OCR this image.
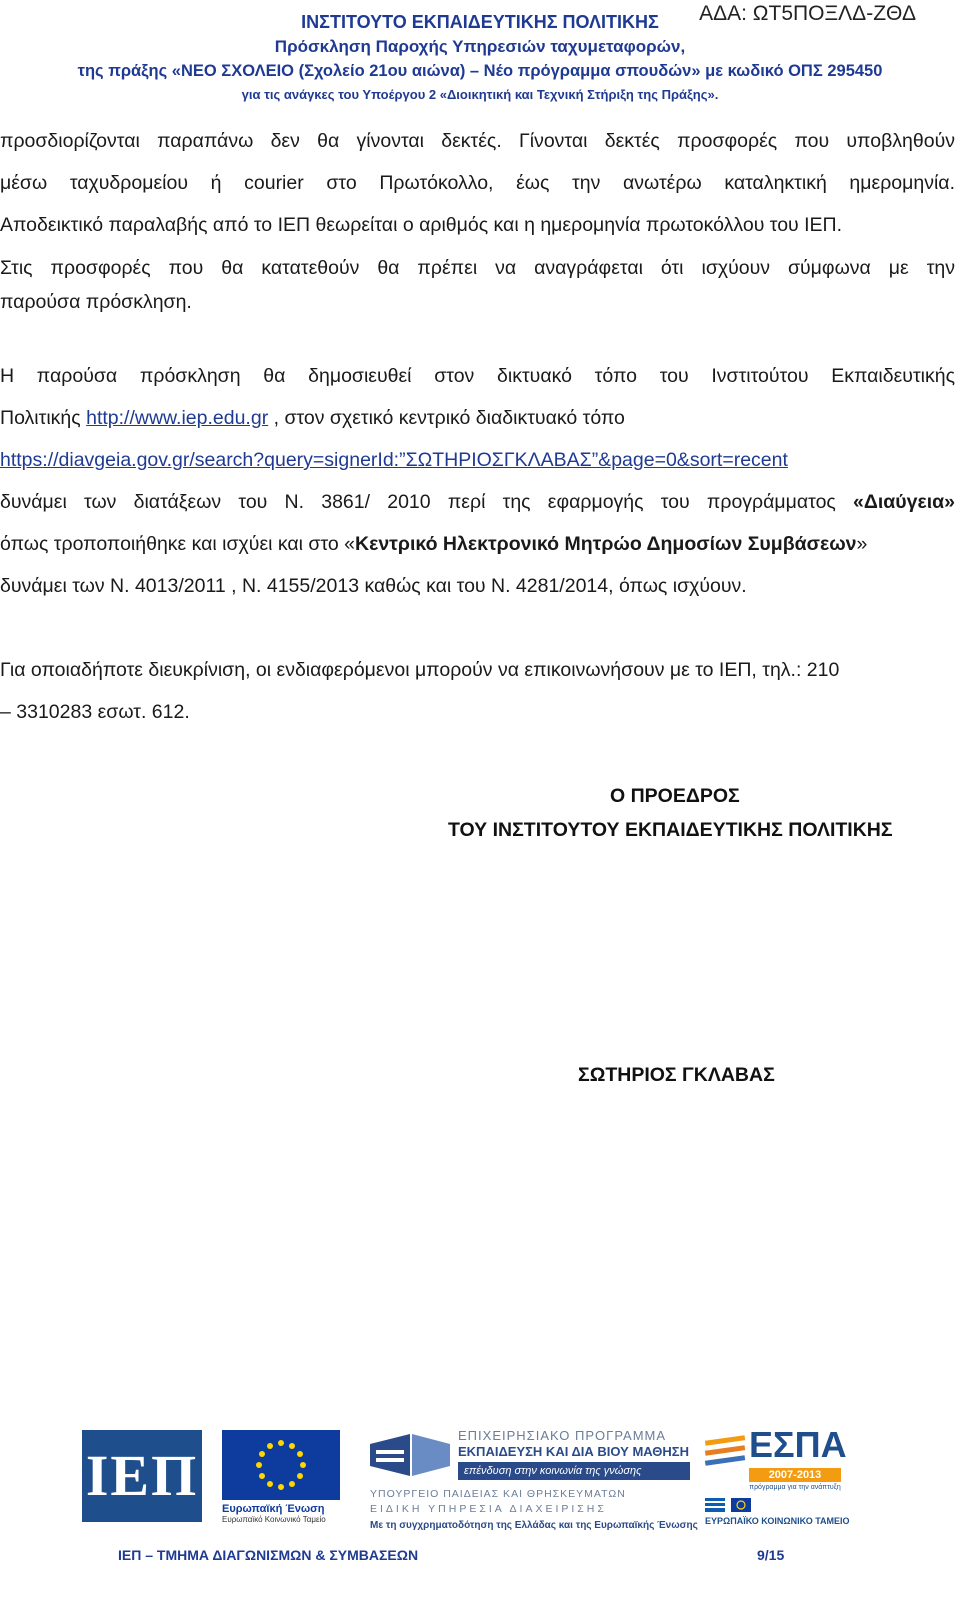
ΙΝΣΤΙΤΟΥΤΟ ΕΚΠΑΙΔΕΥΤΙΚΗΣ ΠΟΛΙΤΙΚΗΣ	ΑΔΑ: ΩΤ5ΠΟΞΛΔ-ΖΘΔ
Πρόσκληση Παροχής Υπηρεσιών ταχυμεταφορών,
της πράξης «ΝΕΟ ΣΧΟΛΕΙΟ (Σχολείο 21ου αιώνα) – Νέο πρόγραμμα σπουδών» με κωδικό ΟΠΣ 295450
για τις ανάγκες του Υποέργου 2 «Διοικητική και Τεχνική Στήριξη της Πράξης».
προσδιορίζονται παραπάνω δεν θα γίνονται δεκτές. Γίνονται δεκτές προσφορές που υποβληθούν
μέσω ταχυδρομείου ή courier στο Πρωτόκολλο, έως την ανωτέρω καταληκτική ημερομηνία.
Αποδεικτικό παραλαβής από το ΙΕΠ θεωρείται ο αριθμός και η ημερομηνία πρωτοκόλλου του ΙΕΠ.
Στις προσφορές που θα κατατεθούν θα πρέπει να αναγράφεται ότι ισχύουν σύμφωνα με την
παρούσα πρόσκληση.
Η παρούσα πρόσκληση θα δημοσιευθεί στον δικτυακό τόπο του Ινστιτούτου Εκπαιδευτικής
Πολιτικής http://www.iep.edu.gr , στον σχετικό κεντρικό διαδικτυακό τόπο
https://diavgeia.gov.gr/search?query=signerId:”ΣΩΤΗΡΙΟΣΓΚΛΑΒΑΣ”&page=0&sort=recent
δυνάμει των διατάξεων του Ν. 3861/ 2010 περί της εφαρμογής του προγράμματος «Διαύγεια»
όπως τροποποιήθηκε και ισχύει και στο «Κεντρικό Ηλεκτρονικό Μητρώο Δημοσίων Συμβάσεων»
δυνάμει των Ν. 4013/2011 , Ν. 4155/2013 καθώς και του Ν. 4281/2014, όπως ισχύουν.
Για οποιαδήποτε διευκρίνιση, οι ενδιαφερόμενοι μπορούν να επικοινωνήσουν με το ΙΕΠ, τηλ.: 210
– 3310283 εσωτ. 612.
Ο ΠΡΟΕΔΡΟΣ
ΤΟΥ ΙΝΣΤΙΤΟΥΤΟΥ ΕΚΠΑΙΔΕΥΤΙΚΗΣ ΠΟΛΙΤΙΚΗΣ
ΣΩΤΗΡΙΟΣ ΓΚΛΑΒΑΣ
ΙΕΠ
Ευρωπαϊκή Ένωση
Ευρωπαϊκό Κοινωνικό Ταμείο
ΕΠΙΧΕΙΡΗΣΙΑΚΟ ΠΡΟΓΡΑΜΜΑ
ΕΚΠΑΙΔΕΥΣΗ ΚΑΙ ΔΙΑ ΒΙΟΥ ΜΑΘΗΣΗ
επένδυση στην κοινωνία της γνώσης
ΥΠΟΥΡΓΕΙΟ ΠΑΙΔΕΙΑΣ ΚΑΙ ΘΡΗΣΚΕΥΜΑΤΩΝ
ΕΙΔΙΚΗ ΥΠΗΡΕΣΙΑ ΔΙΑΧΕΙΡΙΣΗΣ
Με τη συγχρηματοδότηση της Ελλάδας και της Ευρωπαϊκής Ένωσης
ΕΣΠΑ
2007-2013
πρόγραμμα για την ανάπτυξη
ΕΥΡΩΠΑΪΚΟ ΚΟΙΝΩΝΙΚΟ ΤΑΜΕΙΟ
ΙΕΠ – ΤΜΗΜΑ ΔΙΑΓΩΝΙΣΜΩΝ & ΣΥΜΒΑΣΕΩΝ	9/15
